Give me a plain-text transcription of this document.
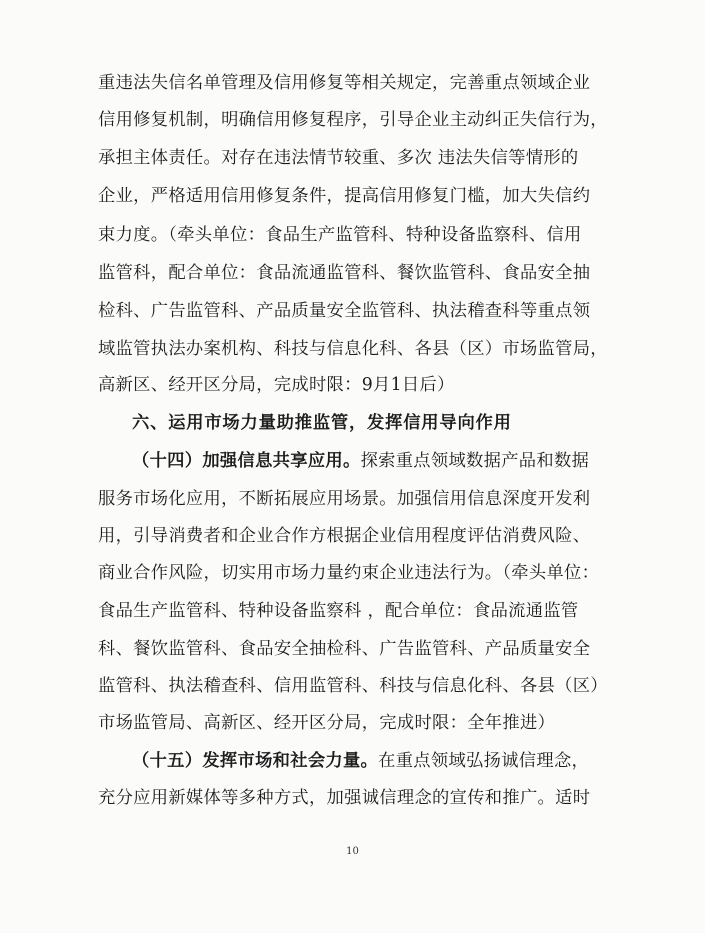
重违法失信名单管理及信用修复等相关规定，完善重点领域企业
信用修复机制，明确信用修复程序，引导企业主动纠正失信行为，
承担主体责任。对存在违法情节较重、多次 违法失信等情形的
企业，严格适用信用修复条件，提高信用修复门槛，加大失信约
束力度。（牵头单位：食品生产监管科、特种设备监察科、信用
监管科，配合单位：食品流通监管科、餐饮监管科、食品安全抽
检科、广告监管科、产品质量安全监管科、执法稽查科等重点领
域监管执法办案机构、科技与信息化科、各县（区）市场监管局，
高新区、经开区分局，完成时限：9月1日后）
六、运用市场力量助推监管，发挥信用导向作用
（十四）加强信息共享应用。探索重点领域数据产品和数据
服务市场化应用，不断拓展应用场景。加强信用信息深度开发利
用，引导消费者和企业合作方根据企业信用程度评估消费风险、
商业合作风险，切实用市场力量约束企业违法行为。（牵头单位：
食品生产监管科、特种设备监察科 ，配合单位：食品流通监管
科、餐饮监管科、食品安全抽检科、广告监管科、产品质量安全
监管科、执法稽查科、信用监管科、科技与信息化科、各县（区）
市场监管局、高新区、经开区分局，完成时限：全年推进）
（十五）发挥市场和社会力量。在重点领域弘扬诚信理念，
充分应用新媒体等多种方式，加强诚信理念的宣传和推广。适时
10
